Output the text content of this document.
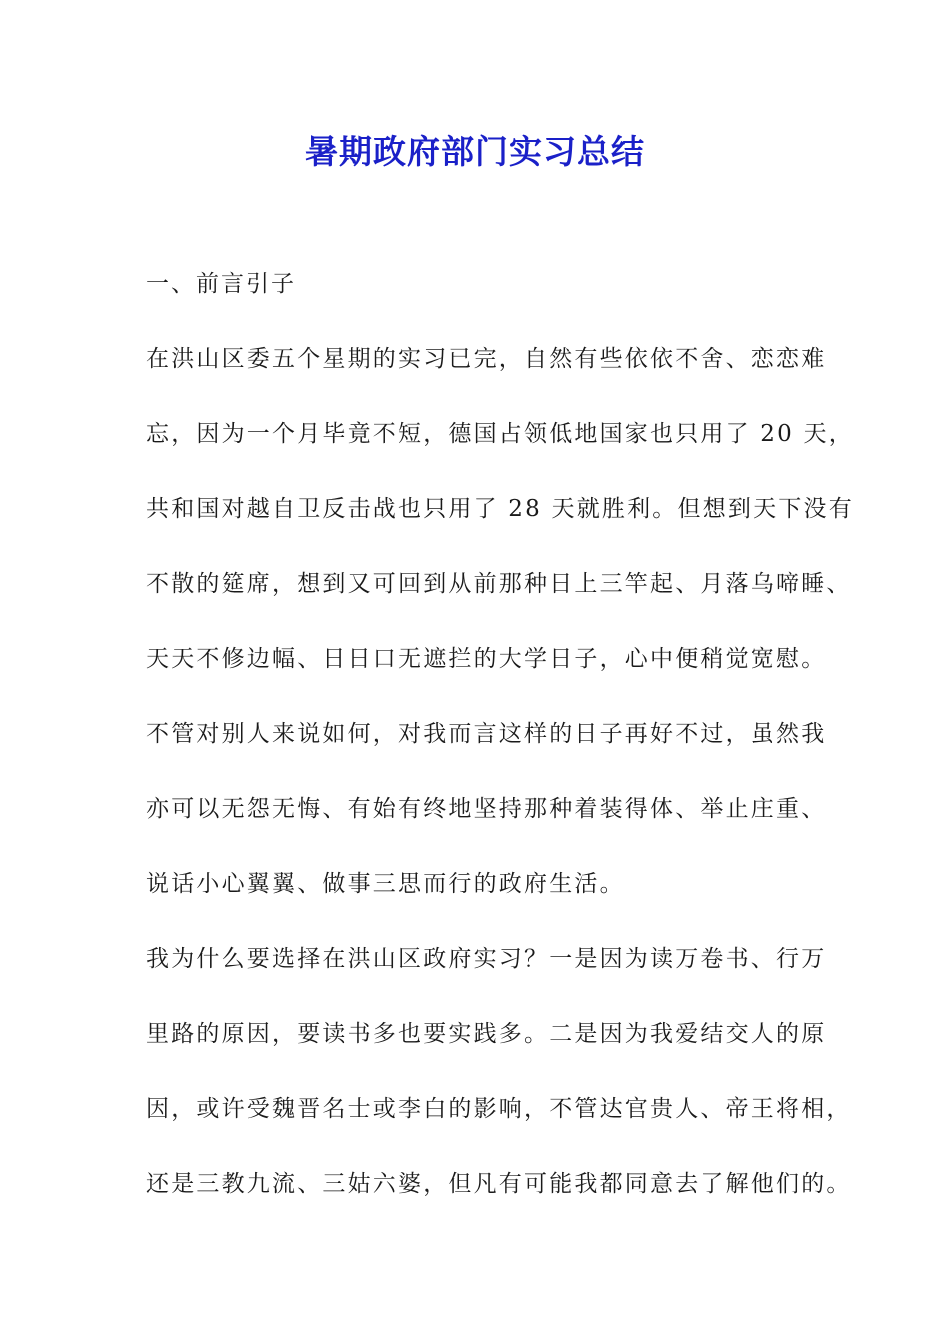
暑期政府部门实习总结
一、前言引子
在洪山区委五个星期的实习已完，自然有些依依不舍、恋恋难
忘，因为一个月毕竟不短，德国占领低地国家也只用了 20 天，
共和国对越自卫反击战也只用了 28 天就胜利。但想到天下没有
不散的筵席，想到又可回到从前那种日上三竿起、月落乌啼睡、
天天不修边幅、日日口无遮拦的大学日子，心中便稍觉宽慰。
不管对别人来说如何，对我而言这样的日子再好不过，虽然我
亦可以无怨无悔、有始有终地坚持那种着装得体、举止庄重、
说话小心翼翼、做事三思而行的政府生活。
我为什么要选择在洪山区政府实习？一是因为读万卷书、行万
里路的原因，要读书多也要实践多。二是因为我爱结交人的原
因，或许受魏晋名士或李白的影响，不管达官贵人、帝王将相，
还是三教九流、三姑六婆，但凡有可能我都同意去了解他们的。
